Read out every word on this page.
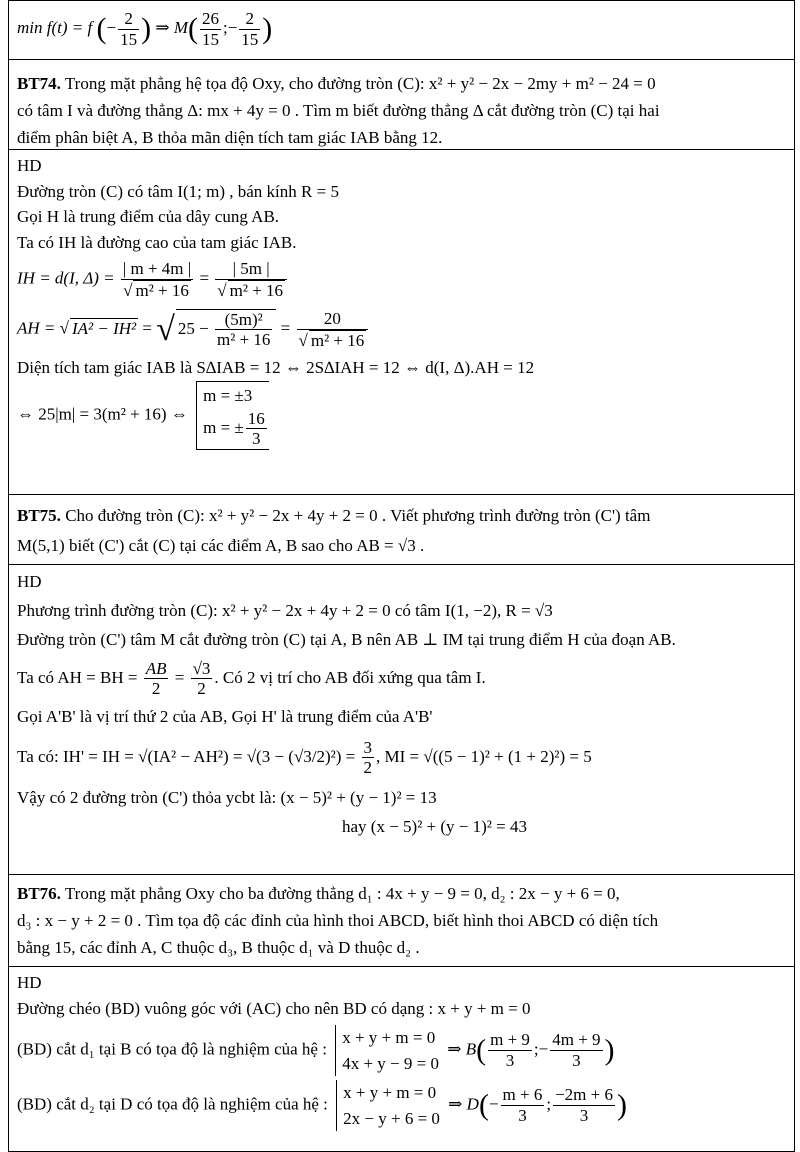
min f(t) = f (− $\frac{2}{15}$ ) ⇒ $M( \frac{26}{15}$ ;− $\frac{2}{15}$ )
BT74. Trong mặt phẳng hệ tọa độ Oxy, cho đường tròn (C): x² + y² − 2x − 2my + m² − 24 = 0
có tâm I và đường thẳng Δ: mx + 4y = 0 . Tìm m biết đường thẳng Δ cắt đường tròn (C) tại hai
điểm phân biệt A, B thỏa mãn diện tích tam giác IAB bằng 12.
HD
Đường tròn (C) có tâm I(1; m) , bán kính R = 5
Gọi H là trung điểm của dây cung AB.
Ta có IH là đường cao của tam giác IAB.
IH = d(I, $\Delta) = \frac{| m + 4m |}{\text{√ m² + 16}} = \frac{| 5m |}{\text{√ m² + 16}}$
AH = √ IA² − IH² = √ $25 - \frac{\text{(5m)²}}{\text{m² + 16}} = \frac{20}{\text{√ m² + 16}}$
Diện tích tam giác IAB là S∆IAB = 12 ⇔ 2S∆IAH = 12 ⇔ d(I, Δ).AH = 12
⇔ 25|m| = 3(m² + 16) ⇔ m = ±3
m = ± $\frac{16}{3}$
BT75. Cho đường tròn (C): x² + y² − 2x + 4y + 2 = 0 . Viết phương trình đường tròn (C') tâm
M(5,1) biết (C') cắt (C) tại các điểm A, B sao cho AB = √3 .
HD
Phương trình đường tròn (C): x² + y² − 2x + 4y + 2 = 0 có tâm I(1, −2), R = √3
Đường tròn (C') tâm M cắt đường tròn (C) tại A, B nên AB ⊥ IM tại trung điểm H của đoạn AB.
Ta có AH = BH = $\frac{AB}{2} = \frac{√3}{2}$ . Có 2 vị trí cho AB đối xứng qua tâm I.
Gọi A'B' là vị trí thứ 2 của AB, Gọi H' là trung điểm của A'B'
Ta có: IH' = IH = $√(IA^2 - AH^2) = √(3 - (√3/2)^2) = \frac{3}{2}$ , MI = √((5 − 1)² + (1 + 2)²) = 5
Vậy có 2 đường tròn (C') thỏa ycbt là: (x − 5)² + (y − 1)² = 13
hay (x − 5)² + (y − 1)² = 43
BT76. Trong mặt phẳng Oxy cho ba đường thẳng d₁ : 4x + y − 9 = 0, d₂ : 2x − y + 6 = 0,
d₃ : x − y + 2 = 0 . Tìm tọa độ các đỉnh của hình thoi ABCD, biết hình thoi ABCD có diện tích
bằng 15, các đỉnh A, C thuộc d₃, B thuộc d₁ và D thuộc d₂ .
HD
Đường chéo (BD) vuông góc với (AC) cho nên BD có dạng : x + y + m = 0
(BD) cắt d₁ tại B có tọa độ là nghiệm của hệ : x + y + m = 0
4x + y − 9 = 0 ⇒ $B( \frac{m + 9}{3}$ ;− $\frac{4m + 9}{3}$ )
(BD) cắt d₂ tại D có tọa độ là nghiệm của hệ : x + y + m = 0
2x − y + 6 = 0 ⇒ $D(- \frac{m + 6}{3}$ ; $\frac{-2m + 6}{3}$ )
